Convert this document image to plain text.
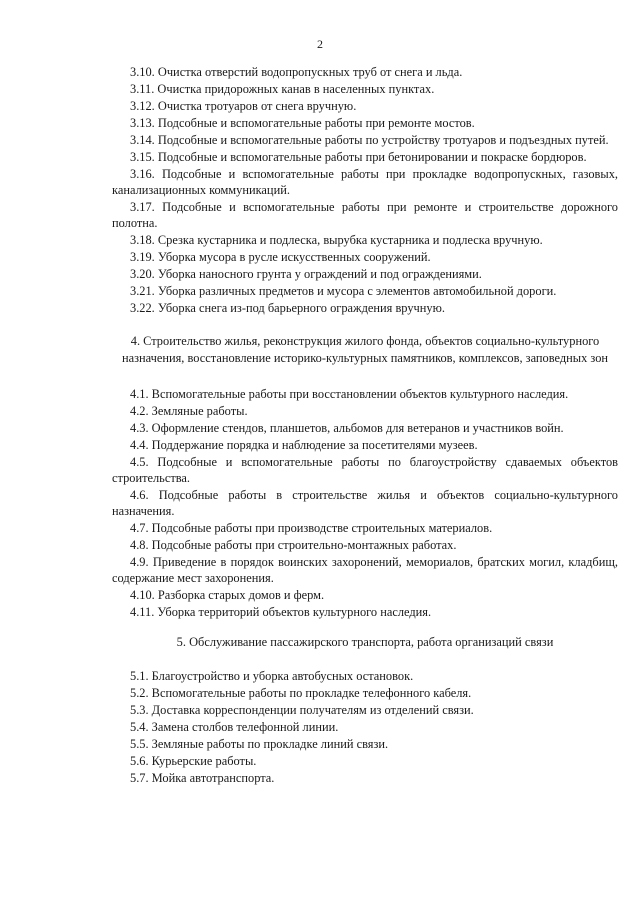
2

3.10. Очистка отверстий водопропускных труб от снега и льда.

3.11. Очистка придорожных канав в населенных пунктах.

3.12. Очистка тротуаров от снега вручную.

3.13. Подсобные и вспомогательные работы при ремонте мостов.

3.14. Подсобные и вспомогательные работы по устройству тротуаров и подъездных путей.

3.15. Подсобные и вспомогательные работы при бетонировании и покраске бордюров.

3.16. Подсобные и вспомогательные работы при прокладке водопропускных, газовых, канализационных коммуникаций.

3.17. Подсобные и вспомогательные работы при ремонте и строительстве дорожного полотна.

3.18. Срезка кустарника и подлеска, вырубка кустарника и подлеска вручную.

3.19. Уборка мусора в русле искусственных сооружений.

3.20. Уборка наносного грунта у ограждений и под ограждениями.

3.21. Уборка различных предметов и мусора с элементов автомобильной дороги.

3.22. Уборка снега из-под барьерного ограждения вручную.

4. Строительство жилья, реконструкция жилого фонда, объектов социально-культурного назначения, восстановление историко-культурных памятников, комплексов, заповедных зон

4.1. Вспомогательные работы при восстановлении объектов культурного наследия.

4.2. Земляные работы.

4.3. Оформление стендов, планшетов, альбомов для ветеранов и участников войн.

4.4. Поддержание порядка и наблюдение за посетителями музеев.

4.5. Подсобные и вспомогательные работы по благоустройству сдаваемых объектов строительства.

4.6. Подсобные работы в строительстве жилья и объектов социально-культурного назначения.

4.7. Подсобные работы при производстве строительных материалов.

4.8. Подсобные работы при строительно-монтажных работах.

4.9. Приведение в порядок воинских захоронений, мемориалов, братских могил, кладбищ, содержание мест захоронения.

4.10. Разборка старых домов и ферм.

4.11. Уборка территорий объектов культурного наследия.

5. Обслуживание пассажирского транспорта, работа организаций связи

5.1. Благоустройство и уборка автобусных остановок.

5.2. Вспомогательные работы по прокладке телефонного кабеля.

5.3. Доставка корреспонденции получателям из отделений связи.

5.4. Замена столбов телефонной линии.

5.5. Земляные работы по прокладке линий связи.

5.6. Курьерские работы.

5.7. Мойка автотранспорта.
